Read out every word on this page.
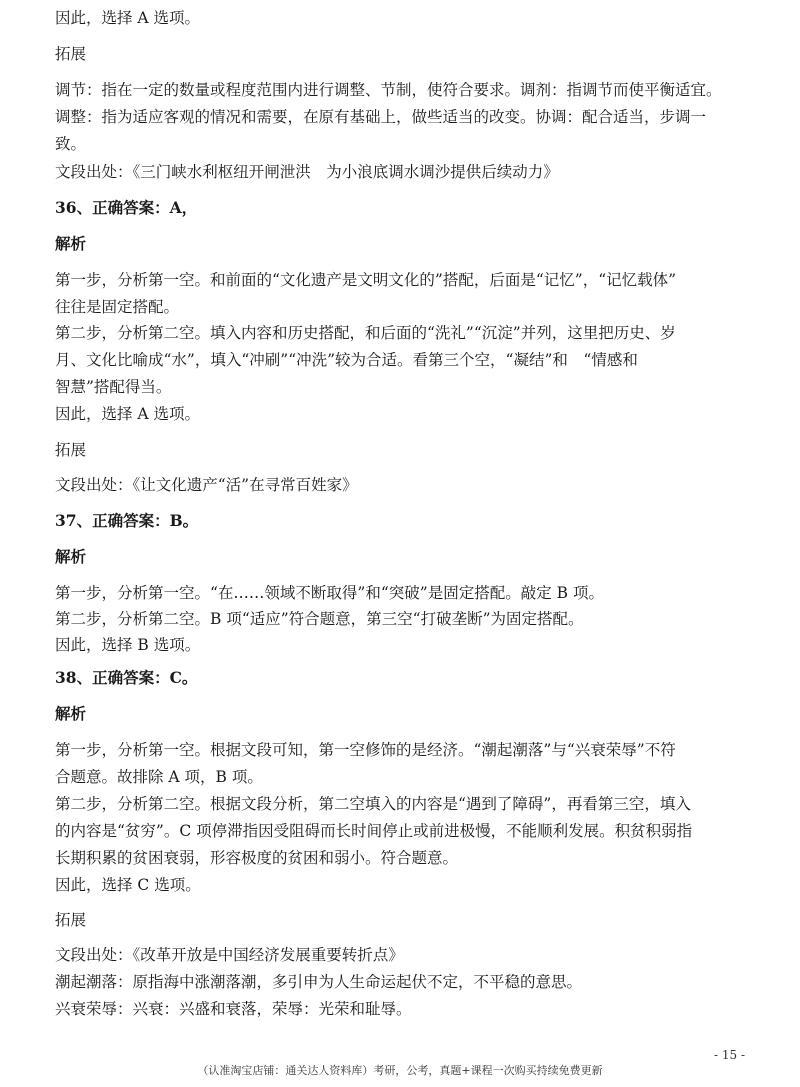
因此，选择 A 选项。
拓展
调节：指在一定的数量或程度范围内进行调整、节制，使符合要求。调剂：指调节而使平衡适宜。
调整：指为适应客观的情况和需要，在原有基础上，做些适当的改变。协调：配合适当，步调一
致。
文段出处：《三门峡水利枢纽开闸泄洪　为小浪底调水调沙提供后续动力》
36、正确答案：A，
解析
第一步，分析第一空。和前面的“文化遗产是文明文化的”搭配，后面是“记忆”，“记忆载体”
往往是固定搭配。
第二步，分析第二空。填入内容和历史搭配，和后面的“洗礼”“沉淀”并列，这里把历史、岁
月、文化比喻成“水”，填入“冲刷”“冲洗”较为合适。看第三个空，“凝结”和　“情感和
智慧”搭配得当。
因此，选择 A 选项。
拓展
文段出处：《让文化遗产“活”在寻常百姓家》
37、正确答案：B。
解析
第一步，分析第一空。“在……领域不断取得”和“突破”是固定搭配。敲定 B 项。
第二步，分析第二空。B 项“适应”符合题意，第三空“打破垄断”为固定搭配。
因此，选择 B 选项。
38、正确答案：C。
解析
第一步，分析第一空。根据文段可知，第一空修饰的是经济。“潮起潮落”与“兴衰荣辱”不符
合题意。故排除 A 项，B 项。
第二步，分析第二空。根据文段分析，第二空填入的内容是“遇到了障碍”，再看第三空，填入
的内容是“贫穷”。C 项停滞指因受阻碍而长时间停止或前进极慢，不能顺利发展。积贫积弱指
长期积累的贫困衰弱，形容极度的贫困和弱小。符合题意。
因此，选择 C 选项。
拓展
文段出处：《改革开放是中国经济发展重要转折点》
潮起潮落：原指海中涨潮落潮，多引申为人生命运起伏不定，不平稳的意思。
兴衰荣辱：兴衰：兴盛和衰落，荣辱：光荣和耻辱。
- 15 -
（认准淘宝店铺：通关达人资料库）考研，公考，真题+课程一次购买持续免费更新
